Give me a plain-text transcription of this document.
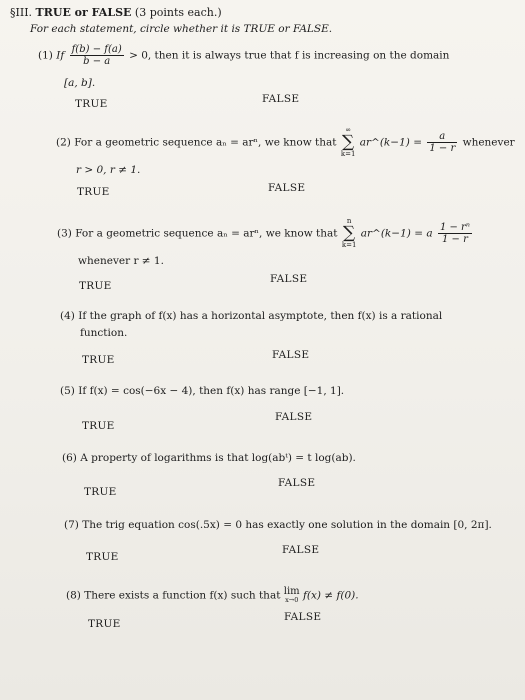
§III. TRUE or FALSE (3 points each.)
For each statement, circle whether it is TRUE or FALSE.
(1) If $\frac{f(b) - f(a)}{b - a} > 0$, then it is always true that f is increasing on the domain
[a, b].
TRUE	FALSE
(2) For a geometric sequence aₙ = arⁿ, we know that ∞
∑
k=1 ar^(k−1) = $\frac{a}{1 - r}$ whenever
r > 0, r ≠ 1.
TRUE	FALSE
(3) For a geometric sequence aₙ = arⁿ, we know that n
∑
k=1 ar^(k−1) = a $\frac{\text{1 − rⁿ}}{1 - r}$
whenever r ≠ 1.
TRUE
FALSE
(4) If the graph of f(x) has a horizontal asymptote, then f(x) is a rational
function.
TRUE	FALSE
(5) If f(x) = cos(−6x − 4), then f(x) has range [−1, 1].
TRUE
FALSE
(6) A property of logarithms is that log(abᵗ) = t log(ab).
TRUE
FALSE
(7) The trig equation cos(.5x) = 0 has exactly one solution in the domain [0, 2π].
TRUE
FALSE
(8) There exists a function f(x) such that lim
x→0 f(x) ≠ f(0).
TRUE
FALSE
